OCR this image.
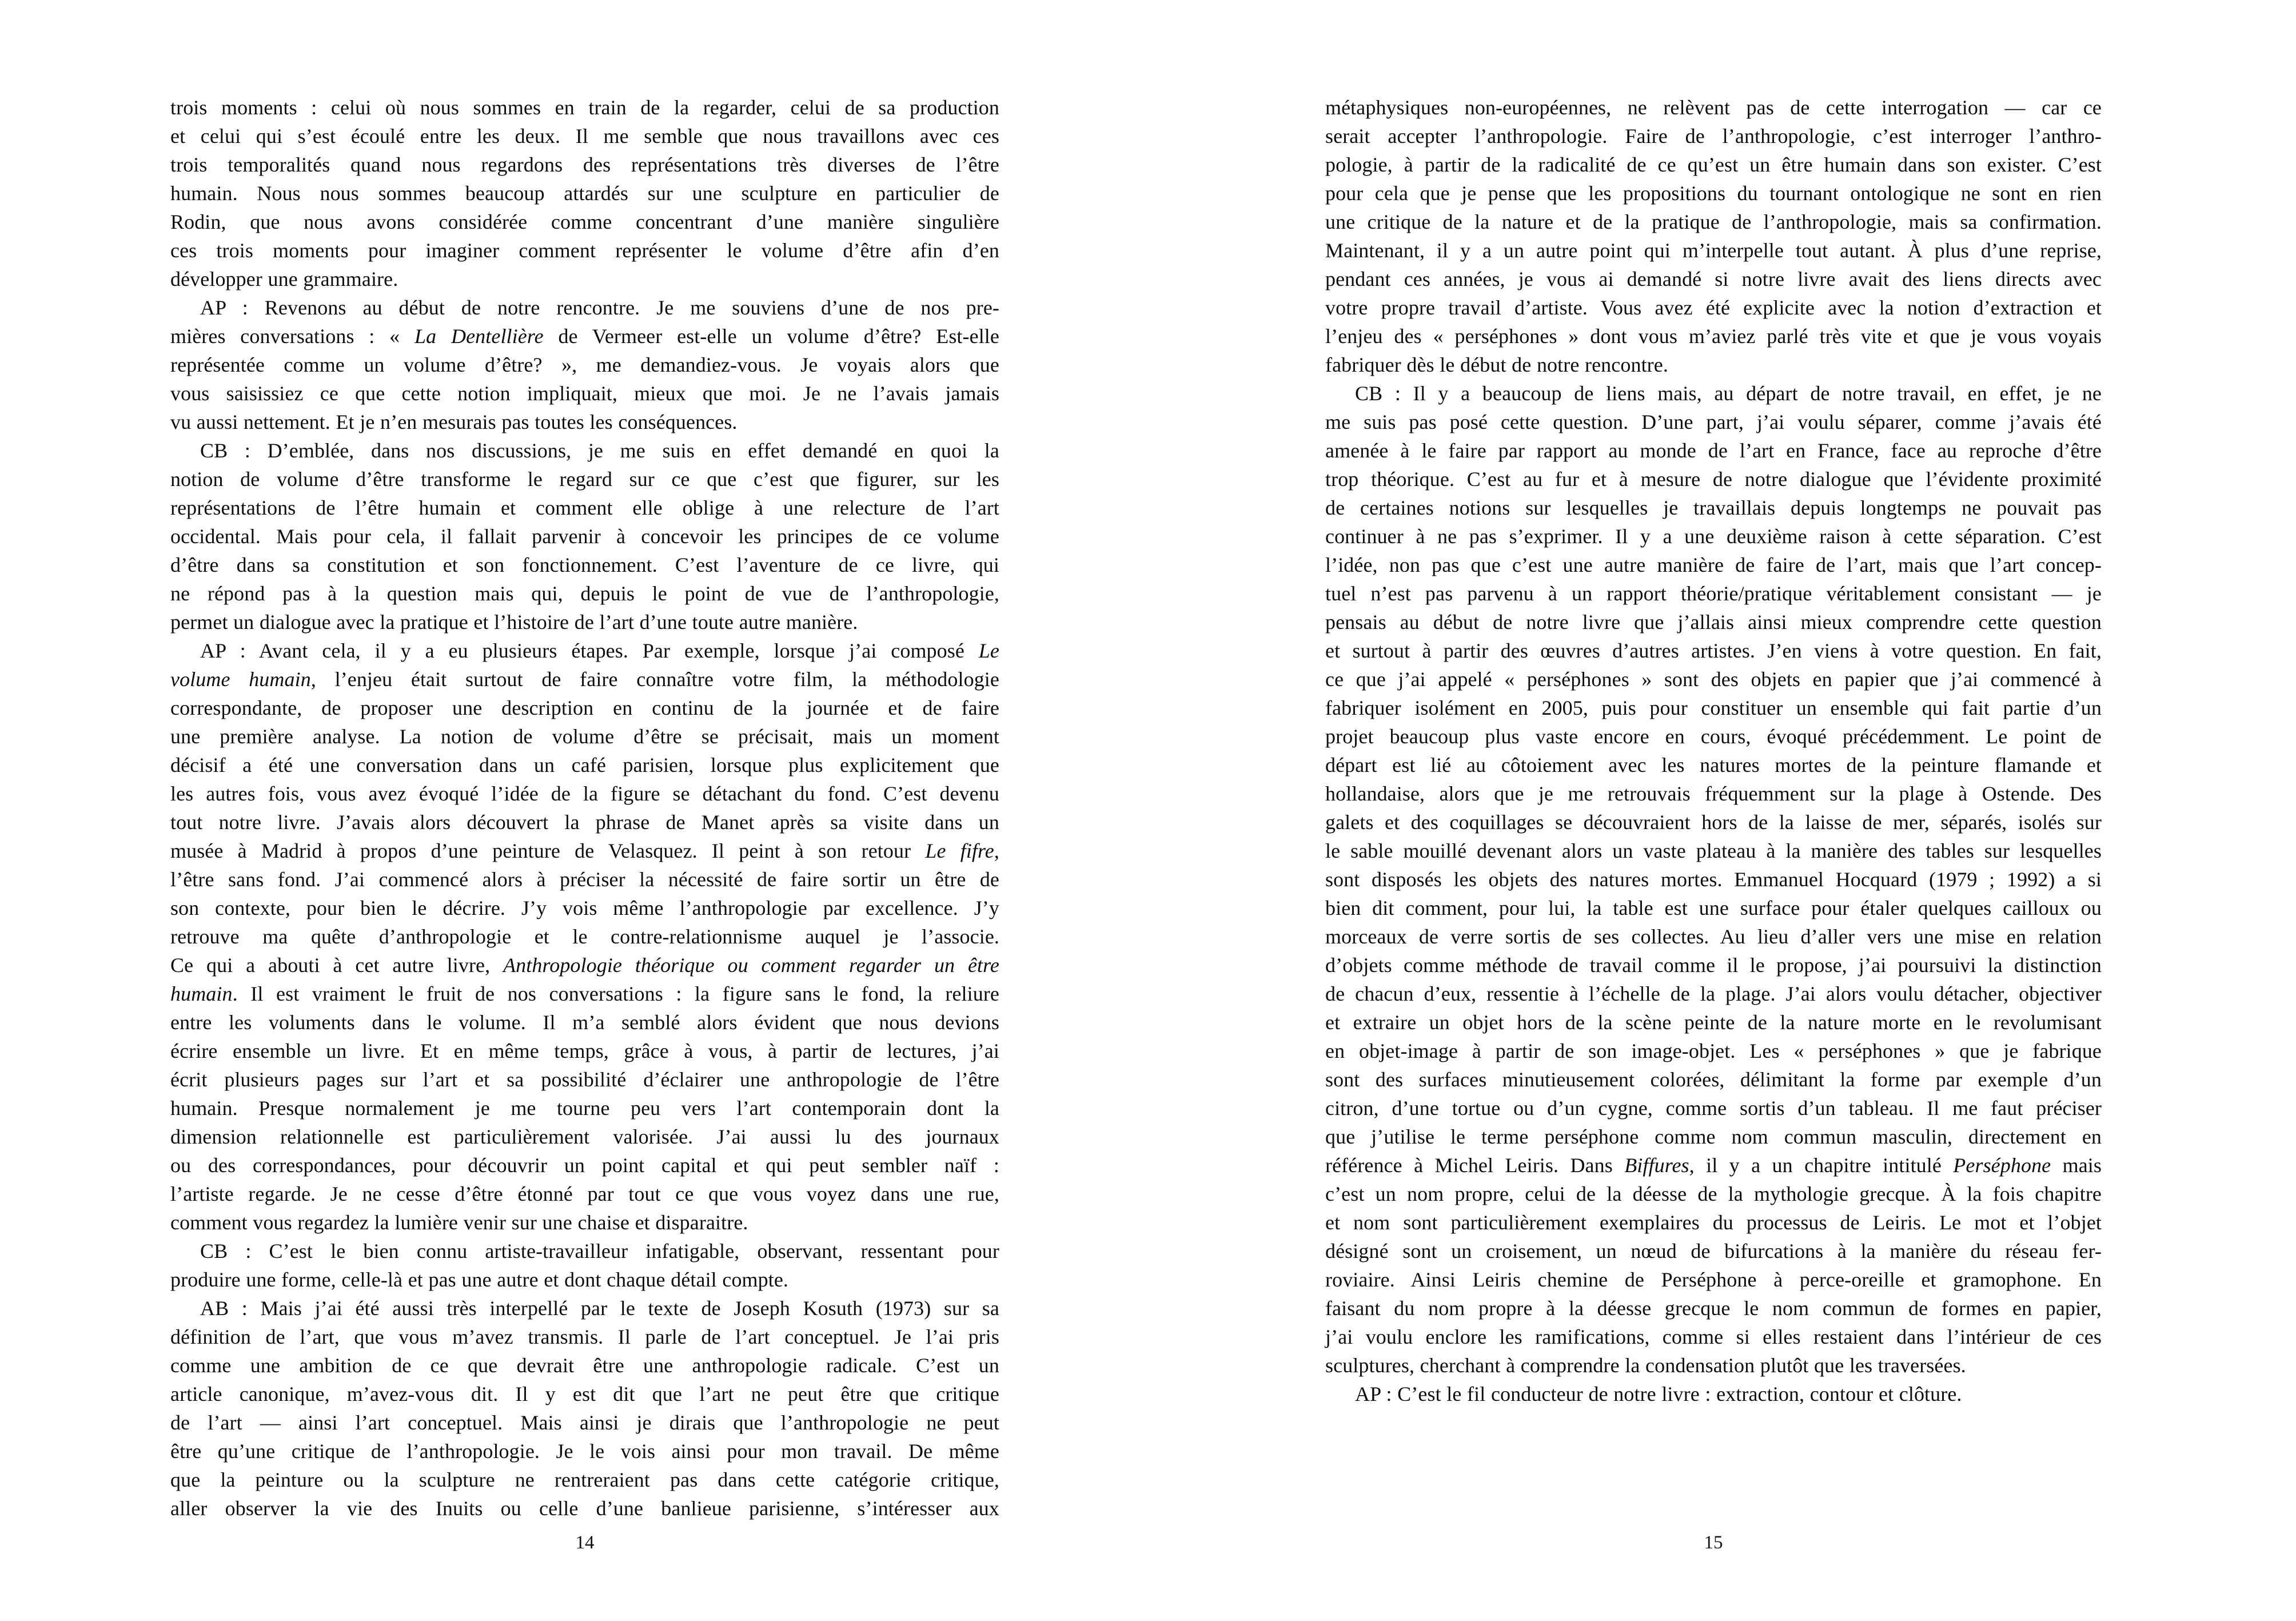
trois moments : celui où nous sommes en train de la regarder, celui de sa production
et celui qui s’est écoulé entre les deux. Il me semble que nous travaillons avec ces
trois temporalités quand nous regardons des représentations très diverses de l’être
humain. Nous nous sommes beaucoup attardés sur une sculpture en particulier de
Rodin, que nous avons considérée comme concentrant d’une manière singulière
ces trois moments pour imaginer comment représenter le volume d’être afin d’en
développer une grammaire.
AP : Revenons au début de notre rencontre. Je me souviens d’une de nos pre-
mières conversations : « La Dentellière de Vermeer est-elle un volume d’être? Est-elle
représentée comme un volume d’être? », me demandiez-vous. Je voyais alors que
vous saisissiez ce que cette notion impliquait, mieux que moi. Je ne l’avais jamais
vu aussi nettement. Et je n’en mesurais pas toutes les conséquences.
CB : D’emblée, dans nos discussions, je me suis en effet demandé en quoi la
notion de volume d’être transforme le regard sur ce que c’est que figurer, sur les
représentations de l’être humain et comment elle oblige à une relecture de l’art
occidental. Mais pour cela, il fallait parvenir à concevoir les principes de ce volume
d’être dans sa constitution et son fonctionnement. C’est l’aventure de ce livre, qui
ne répond pas à la question mais qui, depuis le point de vue de l’anthropologie,
permet un dialogue avec la pratique et l’histoire de l’art d’une toute autre manière.
AP : Avant cela, il y a eu plusieurs étapes. Par exemple, lorsque j’ai composé Le
volume humain, l’enjeu était surtout de faire connaître votre film, la méthodologie
correspondante, de proposer une description en continu de la journée et de faire
une première analyse. La notion de volume d’être se précisait, mais un moment
décisif a été une conversation dans un café parisien, lorsque plus explicitement que
les autres fois, vous avez évoqué l’idée de la figure se détachant du fond. C’est devenu
tout notre livre. J’avais alors découvert la phrase de Manet après sa visite dans un
musée à Madrid à propos d’une peinture de Velasquez. Il peint à son retour Le fifre,
l’être sans fond. J’ai commencé alors à préciser la nécessité de faire sortir un être de
son contexte, pour bien le décrire. J’y vois même l’anthropologie par excellence. J’y
retrouve ma quête d’anthropologie et le contre-relationnisme auquel je l’associe.
Ce qui a abouti à cet autre livre, Anthropologie théorique ou comment regarder un être
humain. Il est vraiment le fruit de nos conversations : la figure sans le fond, la reliure
entre les voluments dans le volume. Il m’a semblé alors évident que nous devions
écrire ensemble un livre. Et en même temps, grâce à vous, à partir de lectures, j’ai
écrit plusieurs pages sur l’art et sa possibilité d’éclairer une anthropologie de l’être
humain. Presque normalement je me tourne peu vers l’art contemporain dont la
dimension relationnelle est particulièrement valorisée. J’ai aussi lu des journaux
ou des correspondances, pour découvrir un point capital et qui peut sembler naïf :
l’artiste regarde. Je ne cesse d’être étonné par tout ce que vous voyez dans une rue,
comment vous regardez la lumière venir sur une chaise et disparaitre.
CB : C’est le bien connu artiste-travailleur infatigable, observant, ressentant pour
produire une forme, celle-là et pas une autre et dont chaque détail compte.
AB : Mais j’ai été aussi très interpellé par le texte de Joseph Kosuth (1973) sur sa
définition de l’art, que vous m’avez transmis. Il parle de l’art conceptuel. Je l’ai pris
comme une ambition de ce que devrait être une anthropologie radicale. C’est un
article canonique, m’avez-vous dit. Il y est dit que l’art ne peut être que critique
de l’art — ainsi l’art conceptuel. Mais ainsi je dirais que l’anthropologie ne peut
être qu’une critique de l’anthropologie. Je le vois ainsi pour mon travail. De même
que la peinture ou la sculpture ne rentreraient pas dans cette catégorie critique,
aller observer la vie des Inuits ou celle d’une banlieue parisienne, s’intéresser aux
métaphysiques non-européennes, ne relèvent pas de cette interrogation — car ce
serait accepter l’anthropologie. Faire de l’anthropologie, c’est interroger l’anthro-
pologie, à partir de la radicalité de ce qu’est un être humain dans son exister. C’est
pour cela que je pense que les propositions du tournant ontologique ne sont en rien
une critique de la nature et de la pratique de l’anthropologie, mais sa confirmation.
Maintenant, il y a un autre point qui m’interpelle tout autant. À plus d’une reprise,
pendant ces années, je vous ai demandé si notre livre avait des liens directs avec
votre propre travail d’artiste. Vous avez été explicite avec la notion d’extraction et
l’enjeu des « perséphones » dont vous m’aviez parlé très vite et que je vous voyais
fabriquer dès le début de notre rencontre.
CB : Il y a beaucoup de liens mais, au départ de notre travail, en effet, je ne
me suis pas posé cette question. D’une part, j’ai voulu séparer, comme j’avais été
amenée à le faire par rapport au monde de l’art en France, face au reproche d’être
trop théorique. C’est au fur et à mesure de notre dialogue que l’évidente proximité
de certaines notions sur lesquelles je travaillais depuis longtemps ne pouvait pas
continuer à ne pas s’exprimer. Il y a une deuxième raison à cette séparation. C’est
l’idée, non pas que c’est une autre manière de faire de l’art, mais que l’art concep-
tuel n’est pas parvenu à un rapport théorie/pratique véritablement consistant — je
pensais au début de notre livre que j’allais ainsi mieux comprendre cette question
et surtout à partir des œuvres d’autres artistes. J’en viens à votre question. En fait,
ce que j’ai appelé « perséphones » sont des objets en papier que j’ai commencé à
fabriquer isolément en 2005, puis pour constituer un ensemble qui fait partie d’un
projet beaucoup plus vaste encore en cours, évoqué précédemment. Le point de
départ est lié au côtoiement avec les natures mortes de la peinture flamande et
hollandaise, alors que je me retrouvais fréquemment sur la plage à Ostende. Des
galets et des coquillages se découvraient hors de la laisse de mer, séparés, isolés sur
le sable mouillé devenant alors un vaste plateau à la manière des tables sur lesquelles
sont disposés les objets des natures mortes. Emmanuel Hocquard (1979 ; 1992) a si
bien dit comment, pour lui, la table est une surface pour étaler quelques cailloux ou
morceaux de verre sortis de ses collectes. Au lieu d’aller vers une mise en relation
d’objets comme méthode de travail comme il le propose, j’ai poursuivi la distinction
de chacun d’eux, ressentie à l’échelle de la plage. J’ai alors voulu détacher, objectiver
et extraire un objet hors de la scène peinte de la nature morte en le revolumisant
en objet-image à partir de son image-objet. Les « perséphones » que je fabrique
sont des surfaces minutieusement colorées, délimitant la forme par exemple d’un
citron, d’une tortue ou d’un cygne, comme sortis d’un tableau. Il me faut préciser
que j’utilise le terme perséphone comme nom commun masculin, directement en
référence à Michel Leiris. Dans Biffures, il y a un chapitre intitulé Perséphone mais
c’est un nom propre, celui de la déesse de la mythologie grecque. À la fois chapitre
et nom sont particulièrement exemplaires du processus de Leiris. Le mot et l’objet
désigné sont un croisement, un nœud de bifurcations à la manière du réseau fer-
roviaire. Ainsi Leiris chemine de Perséphone à perce-oreille et gramophone. En
faisant du nom propre à la déesse grecque le nom commun de formes en papier,
j’ai voulu enclore les ramifications, comme si elles restaient dans l’intérieur de ces
sculptures, cherchant à comprendre la condensation plutôt que les traversées.
AP : C’est le fil conducteur de notre livre : extraction, contour et clôture.
14	15
